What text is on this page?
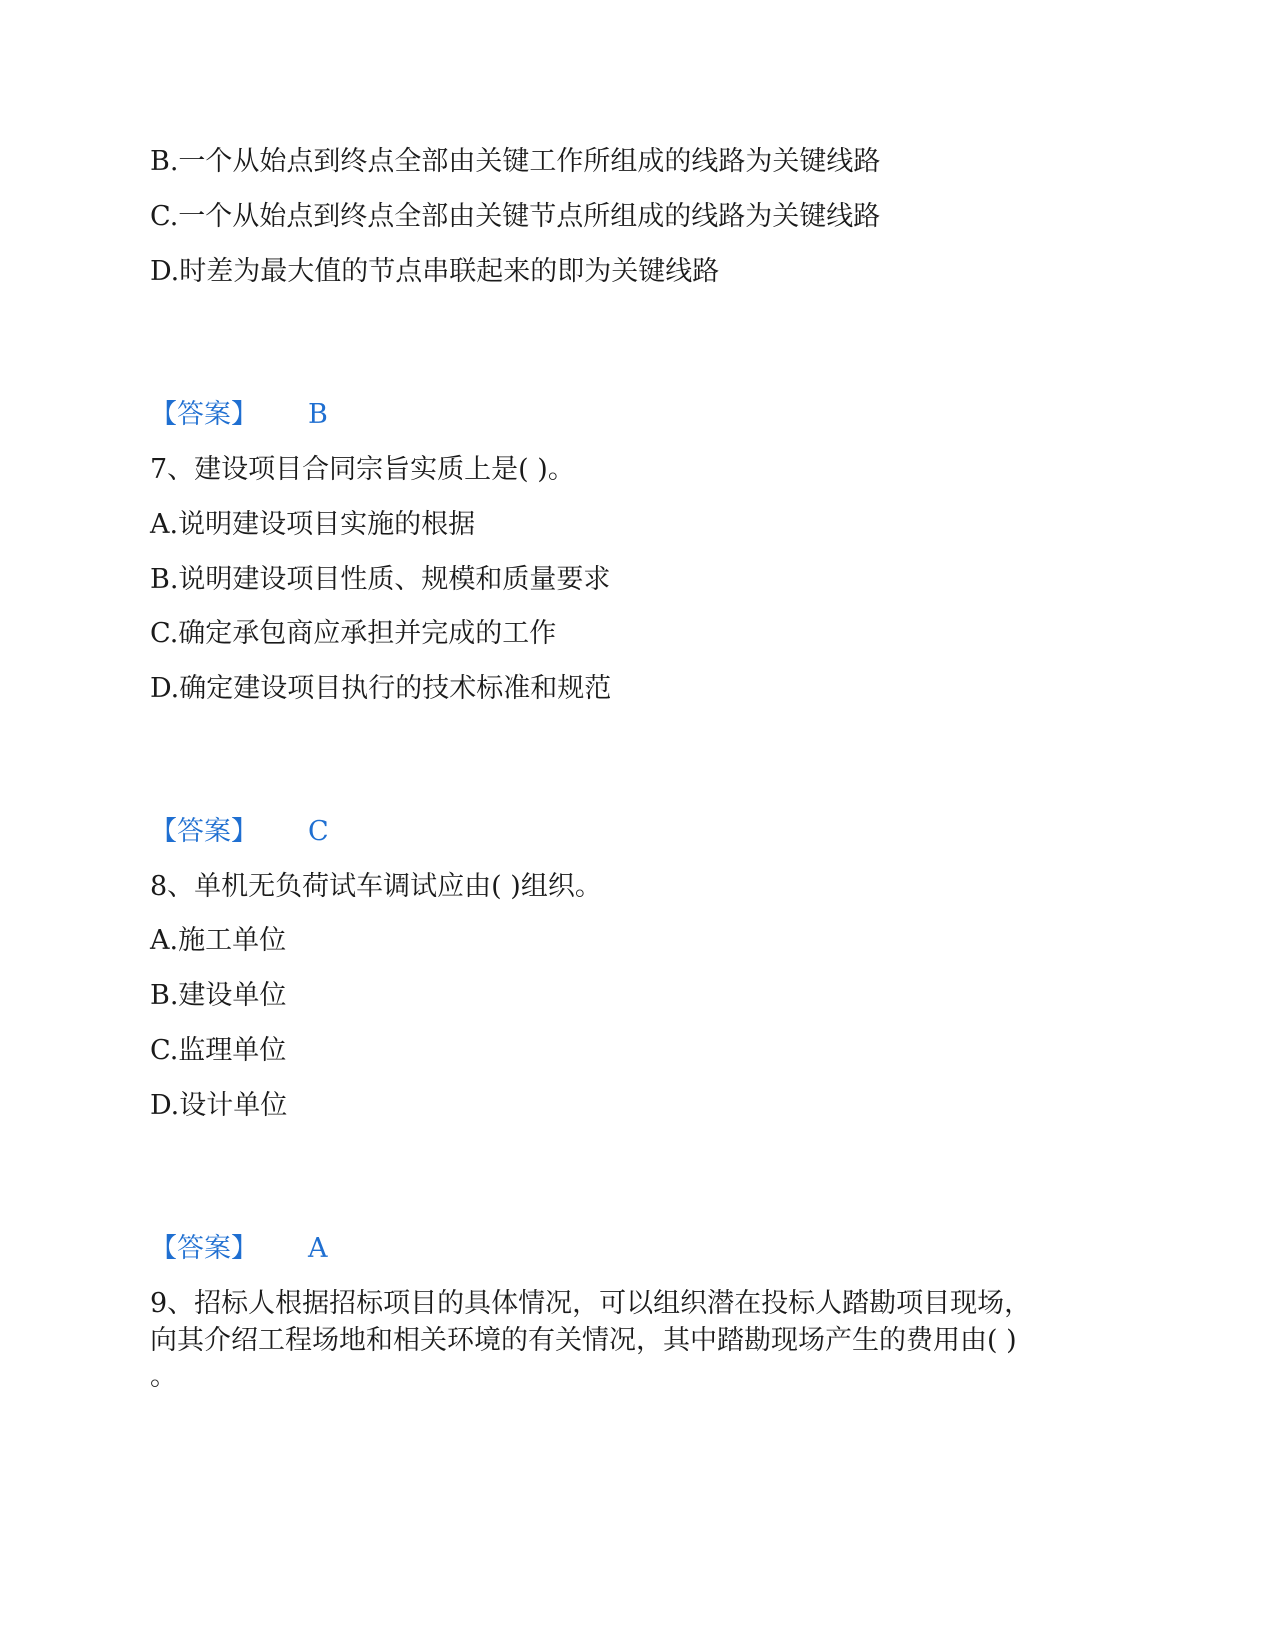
B.一个从始点到终点全部由关键工作所组成的线路为关键线路
C.一个从始点到终点全部由关键节点所组成的线路为关键线路
D.时差为最大值的节点串联起来的即为关键线路
【答案】 B
7、建设项目合同宗旨实质上是( )。
A.说明建设项目实施的根据
B.说明建设项目性质、规模和质量要求
C.确定承包商应承担并完成的工作
D.确定建设项目执行的技术标准和规范
【答案】 C
8、单机无负荷试车调试应由( )组织。
A.施工单位
B.建设单位
C.监理单位
D.设计单位
【答案】 A
9、招标人根据招标项目的具体情况，可以组织潜在投标人踏勘项目现场，
向其介绍工程场地和相关环境的有关情况，其中踏勘现场产生的费用由( )
。
